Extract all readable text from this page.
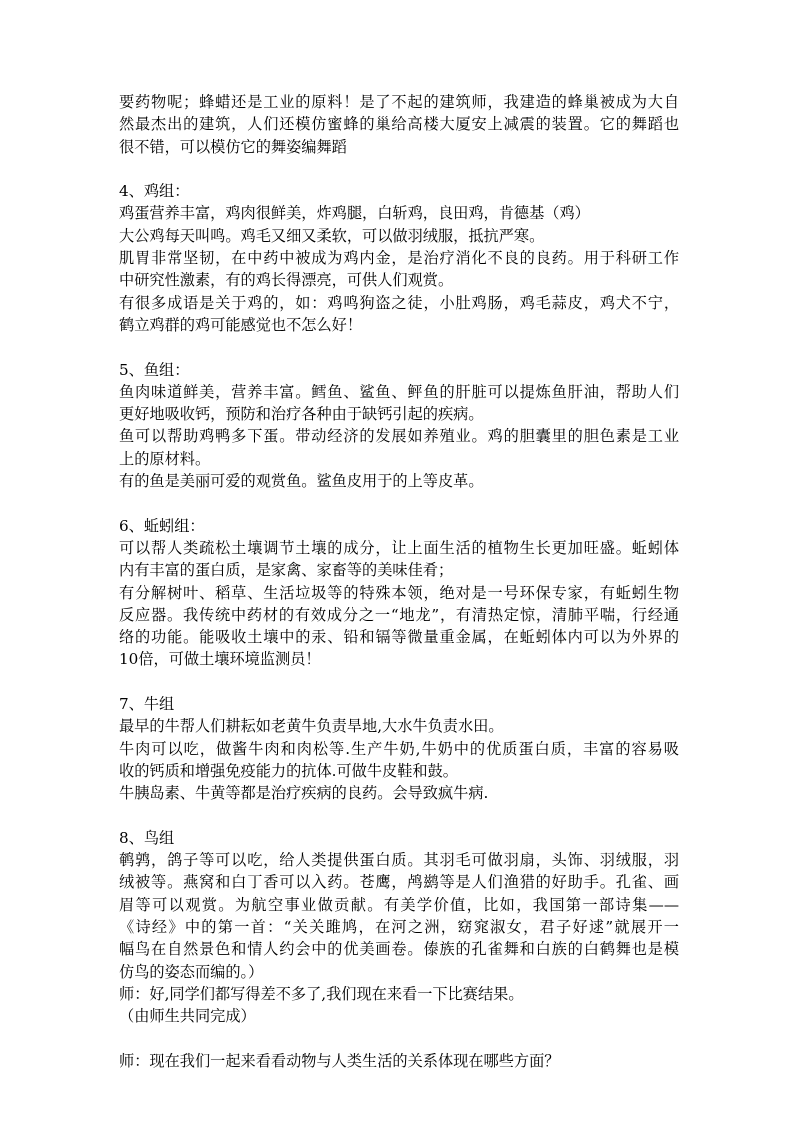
要药物呢；蜂蜡还是工业的原料！是了不起的建筑师，我建造的蜂巢被成为大自
然最杰出的建筑，人们还模仿蜜蜂的巢给高楼大厦安上减震的装置。它的舞蹈也
很不错，可以模仿它的舞姿编舞蹈
4、鸡组：
鸡蛋营养丰富，鸡肉很鲜美，炸鸡腿，白斩鸡，良田鸡，肯德基（鸡）
大公鸡每天叫鸣。鸡毛又细又柔软，可以做羽绒服，抵抗严寒。
肌胃非常坚韧，在中药中被成为鸡内金，是治疗消化不良的良药。用于科研工作
中研究性激素，有的鸡长得漂亮，可供人们观赏。
有很多成语是关于鸡的，如：鸡鸣狗盗之徒，小肚鸡肠，鸡毛蒜皮，鸡犬不宁，
鹤立鸡群的鸡可能感觉也不怎么好！
5、鱼组：
鱼肉味道鲜美，营养丰富。鳕鱼、鲨鱼、鲆鱼的肝脏可以提炼鱼肝油，帮助人们
更好地吸收钙，预防和治疗各种由于缺钙引起的疾病。
鱼可以帮助鸡鸭多下蛋。带动经济的发展如养殖业。鸡的胆囊里的胆色素是工业
上的原材料。
有的鱼是美丽可爱的观赏鱼。鲨鱼皮用于的上等皮革。
6、蚯蚓组：
可以帮人类疏松土壤调节土壤的成分，让上面生活的植物生长更加旺盛。蚯蚓体
内有丰富的蛋白质，是家禽、家畜等的美味佳肴；
有分解树叶、稻草、生活垃圾等的特殊本领，绝对是一号环保专家，有蚯蚓生物
反应器。我传统中药材的有效成分之一“地龙”，有清热定惊，清肺平喘，行经通
络的功能。能吸收土壤中的汞、铅和镉等微量重金属，在蚯蚓体内可以为外界的
10倍，可做土壤环境监测员！
7、牛组
最早的牛帮人们耕耘如老黄牛负责旱地,大水牛负责水田。
牛肉可以吃，做酱牛肉和肉松等.生产牛奶,牛奶中的优质蛋白质，丰富的容易吸
收的钙质和增强免疫能力的抗体.可做牛皮鞋和鼓。
牛胰岛素、牛黄等都是治疗疾病的良药。会导致疯牛病.
8、鸟组
鹌鹑，鸽子等可以吃，给人类提供蛋白质。其羽毛可做羽扇，头饰、羽绒服，羽
绒被等。燕窝和白丁香可以入药。苍鹰，鸬鹚等是人们渔猎的好助手。孔雀、画
眉等可以观赏。为航空事业做贡献。有美学价值，比如，我国第一部诗集——
《诗经》中的第一首：“关关雎鸠，在河之洲，窈窕淑女，君子好逑”就展开一
幅鸟在自然景色和情人约会中的优美画卷。傣族的孔雀舞和白族的白鹤舞也是模
仿鸟的姿态而编的。）
师：好,同学们都写得差不多了,我们现在来看一下比赛结果。
（由师生共同完成）
师：现在我们一起来看看动物与人类生活的关系体现在哪些方面？
